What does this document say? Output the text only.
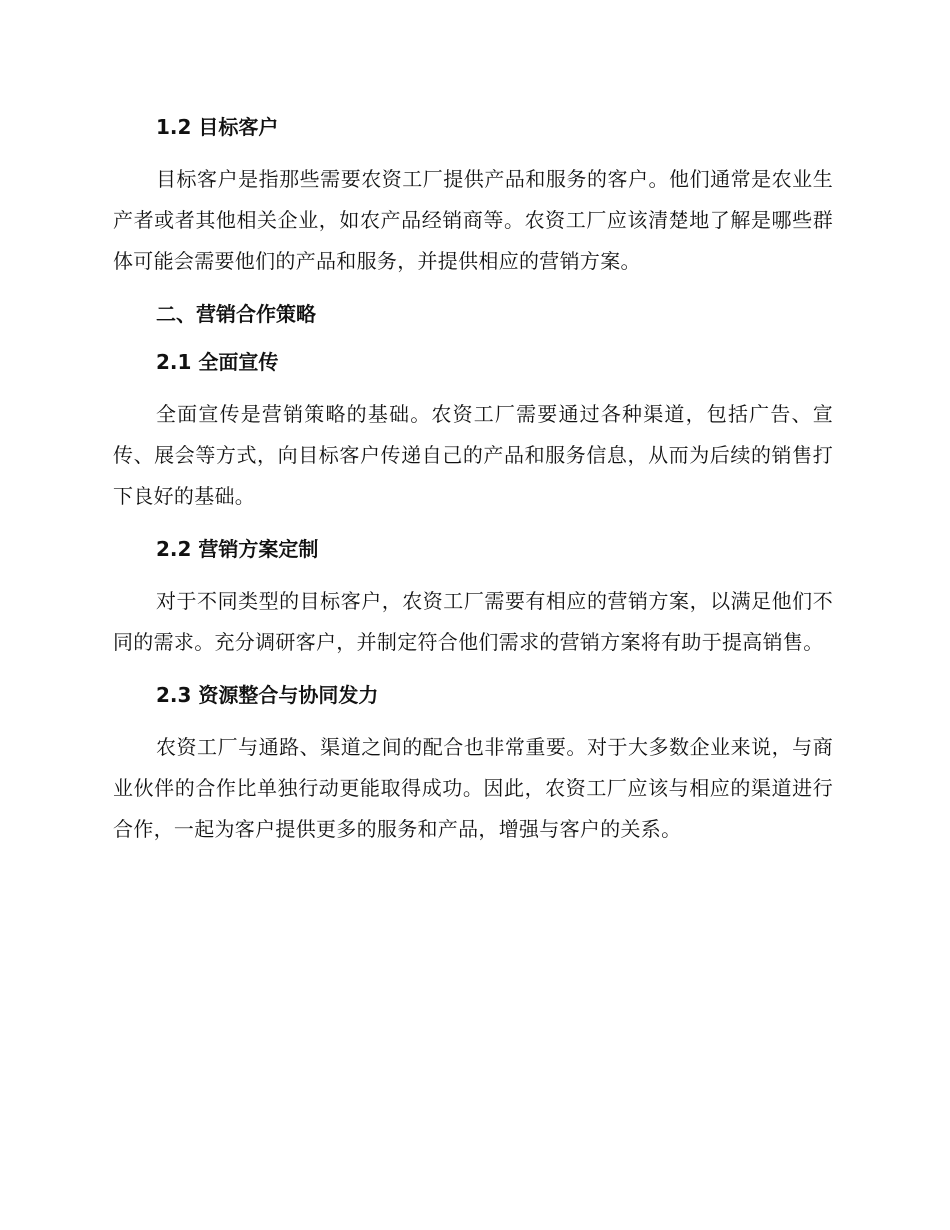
1.2 目标客户

目标客户是指那些需要农资工厂提供产品和服务的客户。他们通常是农业生产者或者其他相关企业，如农产品经销商等。农资工厂应该清楚地了解是哪些群体可能会需要他们的产品和服务，并提供相应的营销方案。

二、营销合作策略
2.1 全面宣传

全面宣传是营销策略的基础。农资工厂需要通过各种渠道，包括广告、宣传、展会等方式，向目标客户传递自己的产品和服务信息，从而为后续的销售打下良好的基础。

2.2 营销方案定制

对于不同类型的目标客户，农资工厂需要有相应的营销方案，以满足他们不同的需求。充分调研客户，并制定符合他们需求的营销方案将有助于提高销售。

2.3 资源整合与协同发力

农资工厂与通路、渠道之间的配合也非常重要。对于大多数企业来说，与商业伙伴的合作比单独行动更能取得成功。因此，农资工厂应该与相应的渠道进行合作，一起为客户提供更多的服务和产品，增强与客户的关系。
